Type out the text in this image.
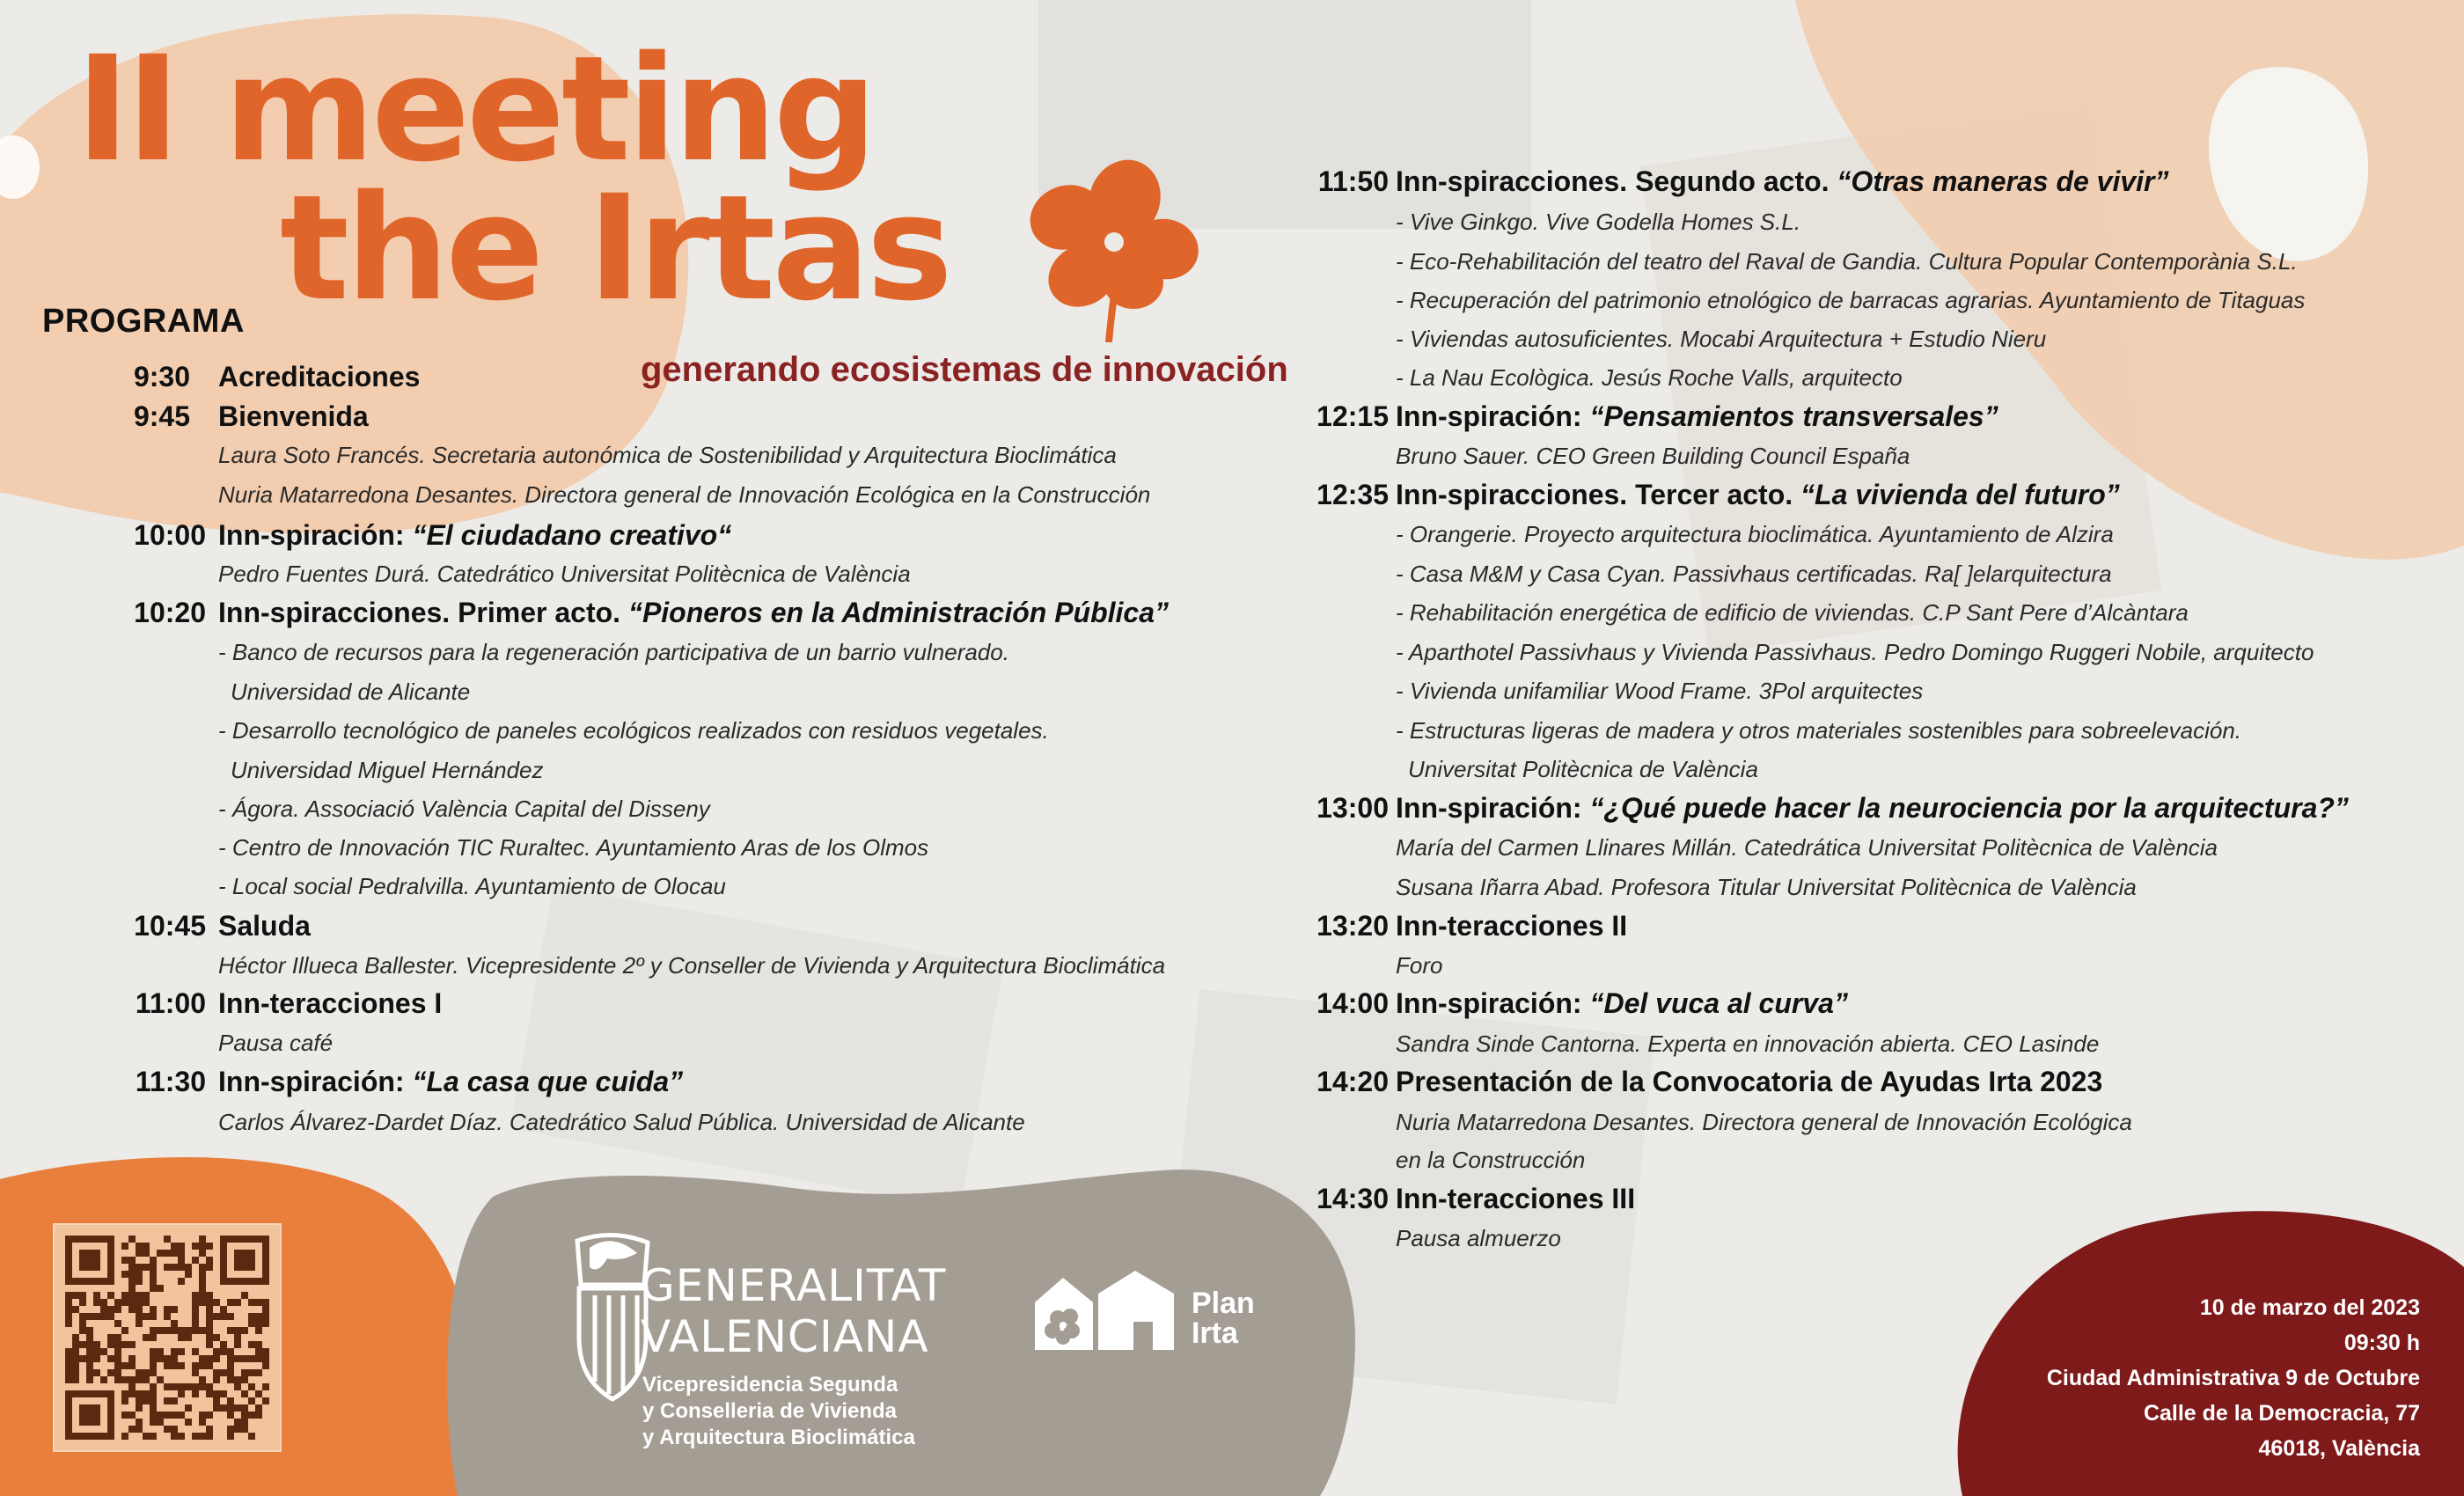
II meeting
the Irtas
generando ecosistemas de innovación
PROGRAMA
9:30 Acreditaciones
9:45 Bienvenida
Laura Soto Francés. Secretaria autonómica de Sostenibilidad y Arquitectura Bioclimática
Nuria Matarredona Desantes. Directora general de Innovación Ecológica en la Construcción
10:00 Inn-spiración: “El ciudadano creativo“
Pedro Fuentes Durá. Catedrático Universitat Politècnica de València
10:20 Inn-spiracciones. Primer acto. “Pioneros en la Administración Pública”
- Banco de recursos para la regeneración participativa de un barrio vulnerado.
Universidad de Alicante
- Desarrollo tecnológico de paneles ecológicos realizados con residuos vegetales.
Universidad Miguel Hernández
- Ágora. Associació València Capital del Disseny
- Centro de Innovación TIC Ruraltec. Ayuntamiento Aras de los Olmos
- Local social Pedralvilla. Ayuntamiento de Olocau
10:45 Saluda
Héctor Illueca Ballester. Vicepresidente 2º y Conseller de Vivienda y Arquitectura Bioclimática
11:00 Inn-teracciones I
Pausa café
11:30 Inn-spiración: “La casa que cuida”
Carlos Álvarez-Dardet Díaz. Catedrático Salud Pública. Universidad de Alicante
11:50 Inn-spiracciones. Segundo acto. “Otras maneras de vivir”
- Vive Ginkgo. Vive Godella Homes S.L.
- Eco-Rehabilitación del teatro del Raval de Gandia. Cultura Popular Contemporània S.L.
- Recuperación del patrimonio etnológico de barracas agrarias. Ayuntamiento de Titaguas
- Viviendas autosuficientes. Mocabi Arquitectura + Estudio Nieru
- La Nau Ecològica. Jesús Roche Valls, arquitecto
12:15 Inn-spiración: “Pensamientos transversales”
Bruno Sauer. CEO Green Building Council España
12:35 Inn-spiracciones. Tercer acto. “La vivienda del futuro”
- Orangerie. Proyecto arquitectura bioclimática. Ayuntamiento de Alzira
- Casa M&M y Casa Cyan. Passivhaus certificadas. Ra[ ]elarquitectura
- Rehabilitación energética de edificio de viviendas. C.P Sant Pere d’Alcàntara
- Aparthotel Passivhaus y Vivienda Passivhaus. Pedro Domingo Ruggeri Nobile, arquitecto
- Vivienda unifamiliar Wood Frame. 3Pol arquitectes
- Estructuras ligeras de madera y otros materiales sostenibles para sobreelevación.
Universitat Politècnica de València
13:00 Inn-spiración: “¿Qué puede hacer la neurociencia por la arquitectura?”
María del Carmen Llinares Millán. Catedrática Universitat Politècnica de València
Susana Iñarra Abad. Profesora Titular Universitat Politècnica de València
13:20 Inn-teracciones II
Foro
14:00 Inn-spiración: “Del vuca al curva”
Sandra Sinde Cantorna. Experta en innovación abierta. CEO Lasinde
14:20 Presentación de la Convocatoria de Ayudas Irta 2023
Nuria Matarredona Desantes. Directora general de Innovación Ecológica
en la Construcción
14:30 Inn-teracciones III
Pausa almuerzo
GENERALITAT
VALENCIANA
Vicepresidencia Segunda
y Conselleria de Vivienda
y Arquitectura Bioclimática
Plan
Irta
10 de marzo del 2023
09:30 h
Ciudad Administrativa 9 de Octubre
Calle de la Democracia, 77
46018, València
